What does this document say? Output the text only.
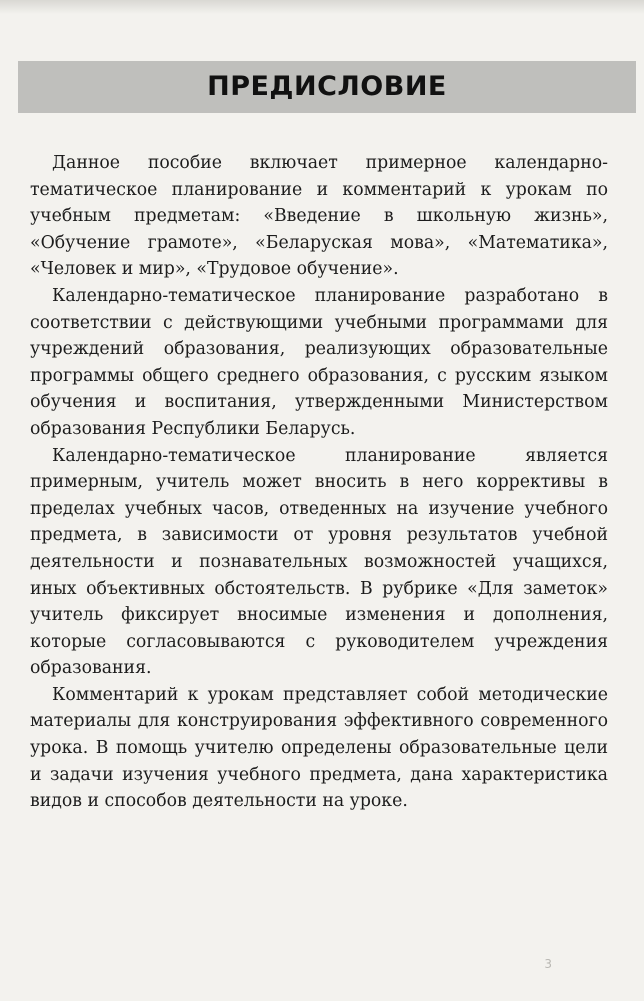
ПРЕДИСЛОВИЕ

Данное пособие включает примерное календарно-тематическое планирование и комментарий к урокам по учебным предметам: «Введение в школьную жизнь», «Обучение грамоте», «Беларуская мова», «Математика», «Человек и мир», «Трудовое обучение».

Календарно-тематическое планирование разработано в соответствии с действующими учебными программами для учреждений образования, реализующих образовательные программы общего среднего образования, с русским языком обучения и воспитания, утвержденными Министерством образования Республики Беларусь.

Календарно-тематическое планирование является примерным, учитель может вносить в него коррективы в пределах учебных часов, отведенных на изучение учебного предмета, в зависимости от уровня результатов учебной деятельности и познавательных возможностей учащихся, иных объективных обстоятельств. В рубрике «Для заметок» учитель фиксирует вносимые изменения и дополнения, которые согласовываются с руководителем учреждения образования.

Комментарий к урокам представляет собой методические материалы для конструирования эффективного современного урока. В помощь учителю определены образовательные цели и задачи изучения учебного предмета, дана характеристика видов и способов деятельности на уроке.

3
